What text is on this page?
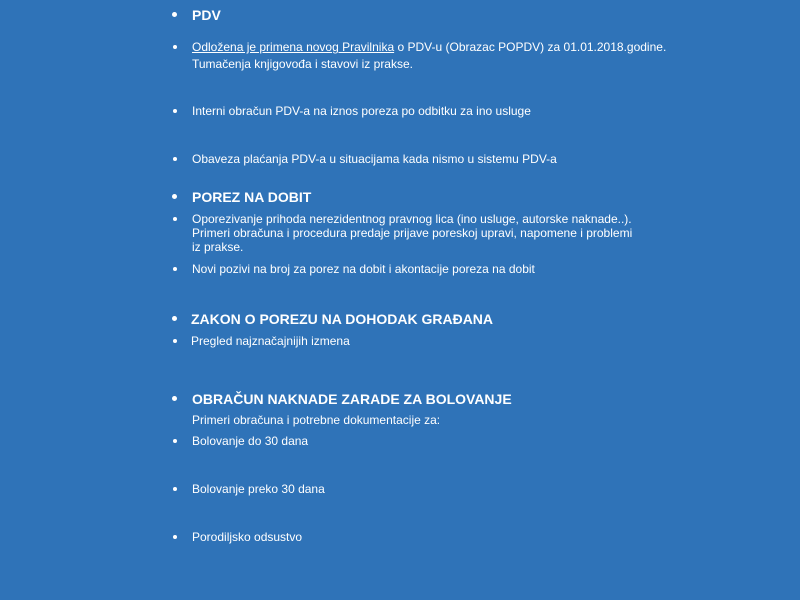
PDV
Odložena je primena novog Pravilnika o PDV-u (Obrazac POPDV) za 01.01.2018.godine.
Tumačenja knjigovođa i stavovi iz prakse.
Interni obračun PDV-a na iznos poreza po odbitku za ino usluge
Obaveza plaćanja PDV-a u situacijama kada nismo u sistemu PDV-a
POREZ NA DOBIT
Oporezivanje prihoda nerezidentnog pravnog lica (ino usluge, autorske naknade..).
Primeri obračuna i procedura predaje prijave poreskoj upravi, napomene i problemi
iz prakse.
Novi pozivi na broj za porez na dobit i akontacije poreza na dobit
ZAKON O POREZU NA DOHODAK GRAĐANA
Pregled najznačajnijih izmena
OBRAČUN NAKNADE ZARADE ZA BOLOVANJE
Primeri obračuna i potrebne dokumentacije za:
Bolovanje do 30 dana
Bolovanje preko 30 dana
Porodiljsko odsustvo
